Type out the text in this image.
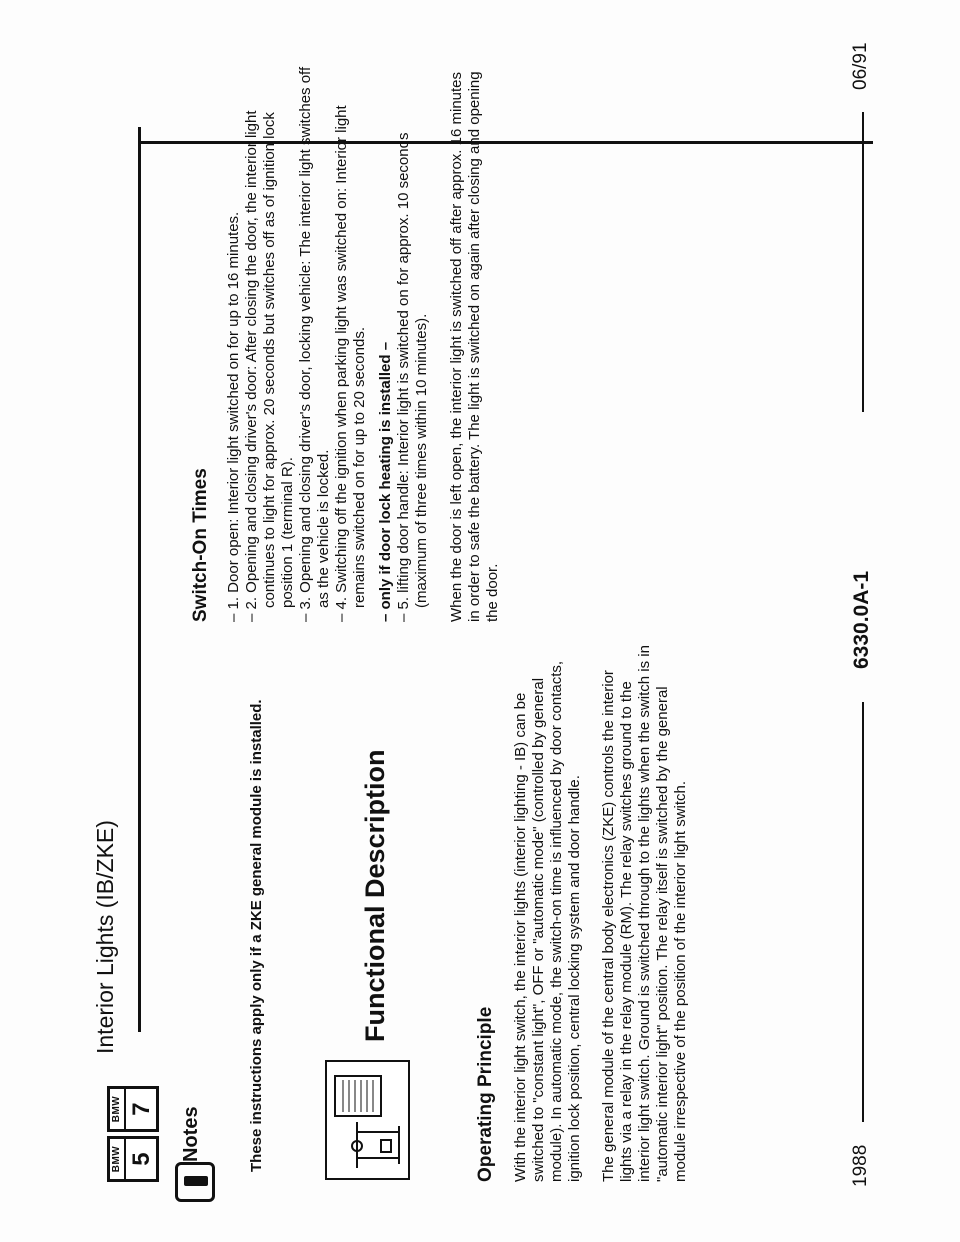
06/91
6330.0A-1
1988
BMW 5
BMW 7
Interior Lights (IB/ZKE)
Notes	These instructions apply only if a ZKE general module is installed.	Functional Description
Operating Principle With the interior light switch, the interior lights (interior lighting - IB) can be switched to "constant light", OFF or "automatic mode" (controlled by general module). In automatic mode, the switch-on time is influenced by door contacts, ignition lock position, central locking system and door handle. The general module of the central body electronics (ZKE) controls the interior lights via a relay in the relay module (RM). The relay switches ground to the interior light switch. Ground is switched through to the lights when the switch is in "automatic interior light" position. The relay itself is switched by the general module irrespective of the position of the interior light switch.

Switch-On Times – 1. Door open: Interior light switched on for up to 16 minutes. – 2. Opening and closing driver's door: After closing the door, the interior light continues to light for approx. 20 seconds but switches off as of ignition lock position 1 (terminal R). – 3. Opening and closing driver's door, locking vehicle: The interior light switches off as the vehicle is locked. – 4. Switching off the ignition when parking light was switched on: Interior light remains switched on for up to 20 seconds. – only if door lock heating is installed – – 5. lifting door handle: Interior light is switched on for approx. 10 seconds (maximum of three times within 10 minutes). When the door is left open, the interior light is switched off after approx. 16 minutes in order to safe the battery. The light is switched on again after closing and opening the door.
